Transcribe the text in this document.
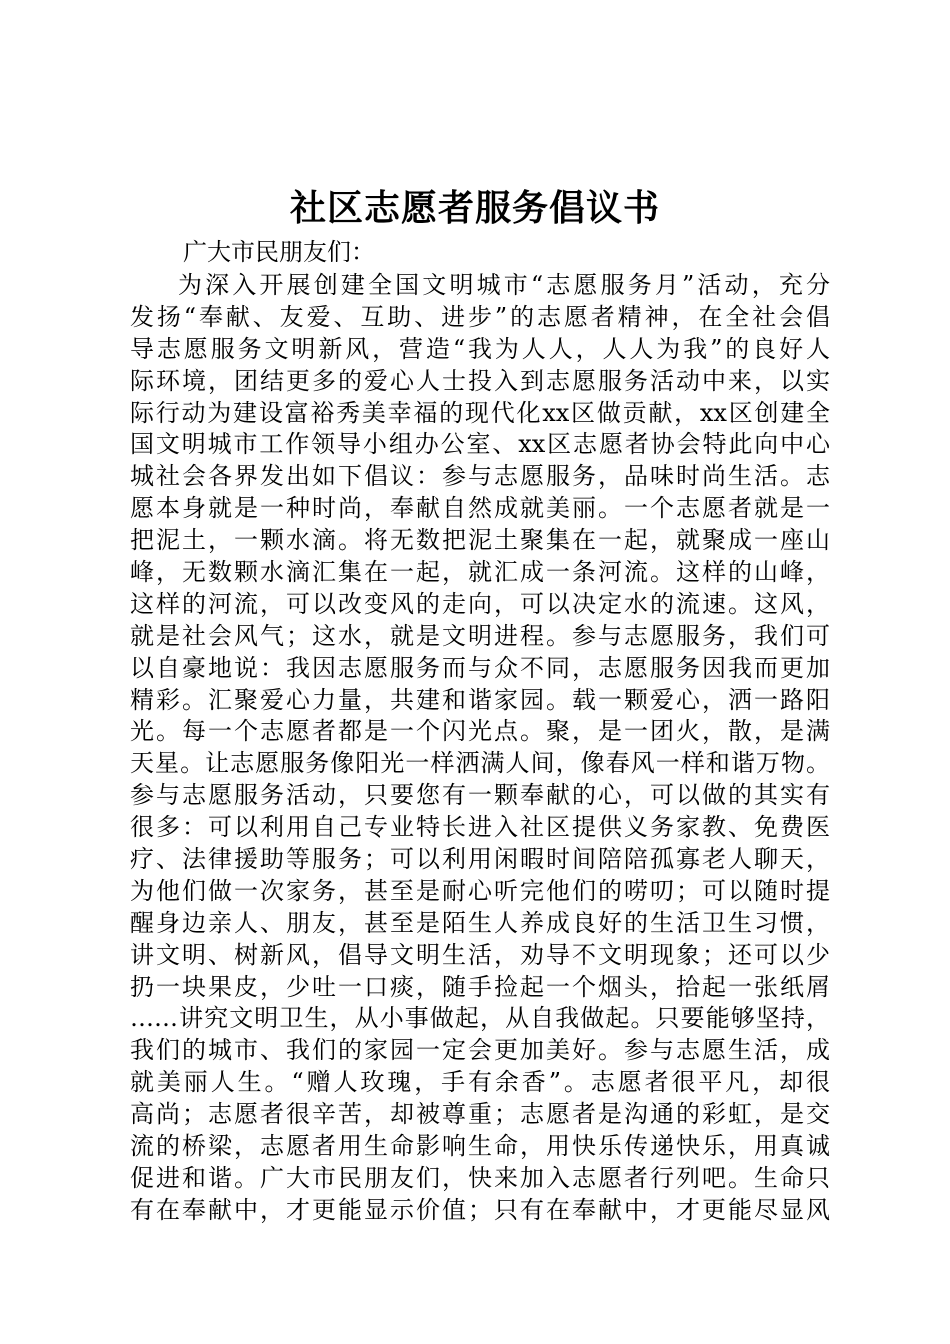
社区志愿者服务倡议书

广大市民朋友们：

为深入开展创建全国文明城市“志愿服务月”活动，充分
发扬“奉献、友爱、互助、进步”的志愿者精神，在全社会倡
导志愿服务文明新风，营造“我为人人，人人为我”的良好人
际环境，团结更多的爱心人士投入到志愿服务活动中来，以实
际行动为建设富裕秀美幸福的现代化xx区做贡献，xx区创建全
国文明城市工作领导小组办公室、xx区志愿者协会特此向中心
城社会各界发出如下倡议：参与志愿服务，品味时尚生活。志
愿本身就是一种时尚，奉献自然成就美丽。一个志愿者就是一
把泥土，一颗水滴。将无数把泥土聚集在一起，就聚成一座山
峰，无数颗水滴汇集在一起，就汇成一条河流。这样的山峰，
这样的河流，可以改变风的走向，可以决定水的流速。这风，
就是社会风气；这水，就是文明进程。参与志愿服务，我们可
以自豪地说：我因志愿服务而与众不同，志愿服务因我而更加
精彩。汇聚爱心力量，共建和谐家园。载一颗爱心，洒一路阳
光。每一个志愿者都是一个闪光点。聚，是一团火，散，是满
天星。让志愿服务像阳光一样洒满人间，像春风一样和谐万物。
参与志愿服务活动，只要您有一颗奉献的心，可以做的其实有
很多：可以利用自己专业特长进入社区提供义务家教、免费医
疗、法律援助等服务；可以利用闲暇时间陪陪孤寡老人聊天，
为他们做一次家务，甚至是耐心听完他们的唠叨；可以随时提
醒身边亲人、朋友，甚至是陌生人养成良好的生活卫生习惯，
讲文明、树新风，倡导文明生活，劝导不文明现象；还可以少
扔一块果皮，少吐一口痰，随手捡起一个烟头，拾起一张纸屑
……讲究文明卫生，从小事做起，从自我做起。只要能够坚持，
我们的城市、我们的家园一定会更加美好。参与志愿生活，成
就美丽人生。“赠人玫瑰，手有余香”。志愿者很平凡，却很
高尚；志愿者很辛苦，却被尊重；志愿者是沟通的彩虹，是交
流的桥梁，志愿者用生命影响生命，用快乐传递快乐，用真诚
促进和谐。广大市民朋友们，快来加入志愿者行列吧。生命只
有在奉献中，才更能显示价值；只有在奉献中，才更能尽显风
